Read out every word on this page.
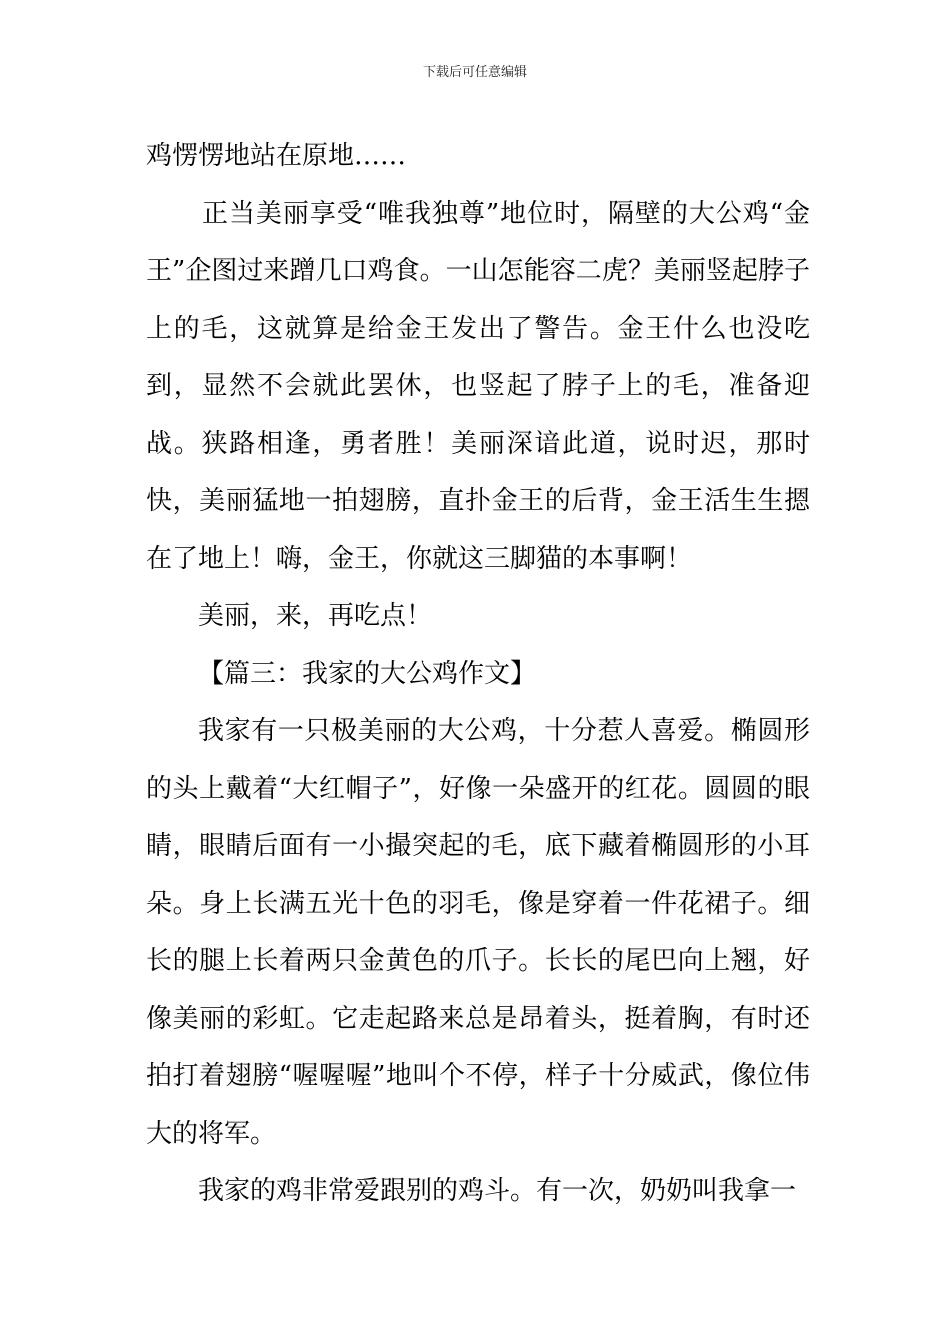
下载后可任意编辑

鸡愣愣地站在原地……

正当美丽享受“唯我独尊”地位时，隔壁的大公鸡“金王”企图过来蹭几口鸡食。一山怎能容二虎？美丽竖起脖子上的毛，这就算是给金王发出了警告。金王什么也没吃到，显然不会就此罢休，也竖起了脖子上的毛，准备迎战。狭路相逢，勇者胜！美丽深谙此道，说时迟，那时快，美丽猛地一拍翅膀，直扑金王的后背，金王活生生摁在了地上！嗨，金王，你就这三脚猫的本事啊！

美丽，来，再吃点！

【篇三：我家的大公鸡作文】

我家有一只极美丽的大公鸡，十分惹人喜爱。椭圆形的头上戴着“大红帽子”，好像一朵盛开的红花。圆圆的眼睛，眼睛后面有一小撮突起的毛，底下藏着椭圆形的小耳朵。身上长满五光十色的羽毛，像是穿着一件花裙子。细长的腿上长着两只金黄色的爪子。长长的尾巴向上翘，好像美丽的彩虹。它走起路来总是昂着头，挺着胸，有时还拍打着翅膀“喔喔喔”地叫个不停，样子十分威武，像位伟大的将军。

我家的鸡非常爱跟别的鸡斗。有一次，奶奶叫我拿一
